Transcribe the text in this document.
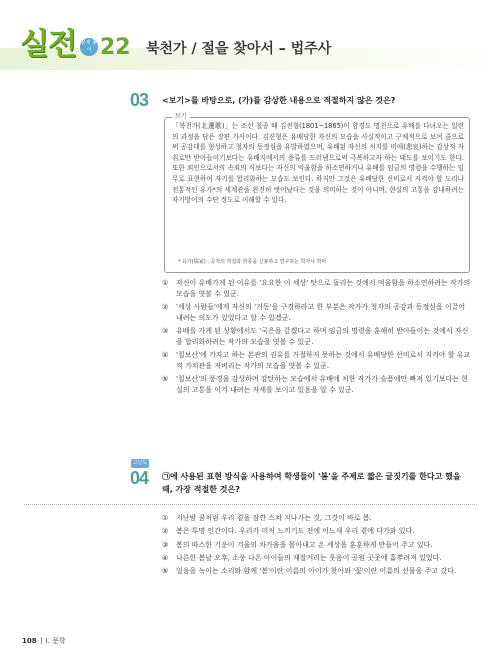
실전 문제 풀이 22 북천가 / 절을 찾아서 – 법주사
03 <보기>를 바탕으로, (가)를 감상한 내용으로 적절하지 않은 것은?
보기
「북천가(北遷歌)」는 조선 철종 때 김진형(1801~1865)이 함경도 명천으로 유배를 다녀오는 일련의 과정을 담은 장편 가사이다. 김진형은 유배당한 자신의 모습을 사실적이고 구체적으로 보여 줌으로써 공감대를 형성하고 청자의 동정심을 유발하였으며, 유배된 자신의 처지를 비애(悲哀)하는 감상적 자취로만 받아들이기보다는 유배지에서의 풍류를 드러냄으로써 극복하고자 하는 태도를 보이기도 한다. 또한 죄인으로서의 속죄의 식보다는 자신의 억울함을 하소연하거나 유배를 임금의 명령을 수행하는 임무로 표현하여 자기를 합리화하는 모습도 보인다. 하지만 그것은 유배당한 선비로서 지켜야 할 도리나 전통적인 유가*의 세계관을 완전히 벗어났다는 것을 의미하는 것이 아니며, 현실의 고통을 감내하려는 자기방어의 수단 정도로 이해할 수 있다.
* 유가(儒家) : 공자의 학설과 학풍을 신봉하고 연구하는 학자나 학파
①	자신이 유배가게 된 이유를 '요요한 이 세상' 탓으로 돌리는 것에서 억울함을 하소연하려는 작가의 모습을 엿볼 수 있군.
②	'세상 사람들'에게 자신의 '거동'을 구경하라고 한 부분은 작가가 청자의 공감과 동정심을 이끌어 내려는 의도가 있었다고 할 수 있겠군.
③	유배를 가게 된 상황에서도 '국은을 갚겠다고 하며 임금의 명령을 훈해히 받아들이는 것에서 자신을 합리화하려는 작가의 모습을 엿볼 수 있군.
④	'칠보산'에 가자고 하는 본관의 권유를 거절하지 못하는 것에서 유배당한 선비로서 지켜야 할 유교적 가치관을 저버리는 작가의 모습을 엿볼 수 있군.
⑤	'칠보산'의 풍경을 감상하며 감탄하는 모습에서 유배에 처한 작가가 슬픔에만 빠져 있기보다는 현실의 고통을 이겨 내려는 자세를 보이고 있음을 알 수 있군.
고난도
04 ㉠에 사용된 표현 방식을 사용하여 학생들이 '봄'을 주제로 짧은 글짓기를 한다고 했을 때, 가장 적절한 것은?
①	지난밤 꿈처럼 우리 곁을 잠깐 스쳐 지나가는 것, 그것이 바로 봄.
②	봄은 투명 인간이다. 우리가 미처 느끼기도 전에 어느새 우리 곁에 다가와 있다.
③	봄의 따스한 기운이 겨울의 차가움을 몰아내고 온 세상을 훈훈하게 만들어 주고 있다.
④	나른한 봄날 오후, 소풍 나온 아이들의 재잘거리는 웃음이 공원 곳곳에 흩뿌려져 있었다.
⑤	얼음을 녹이는 소리와 함께 '봄'이란 이름의 아이가 찾아와 '꽃'이란 이름의 선물을 주고 갔다.
108 Ⅰ. 문학
